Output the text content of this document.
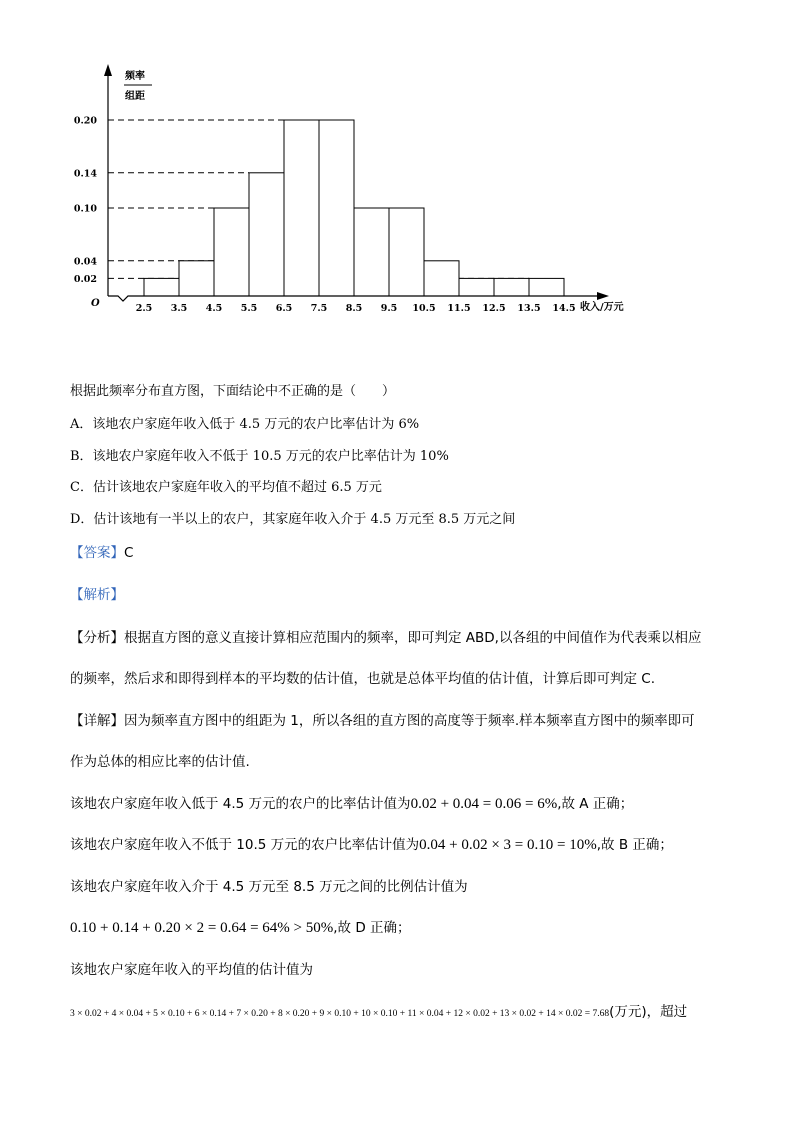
频率
组距
O	收入/万元
0.02
0.04
0.10
0.14
0.20
2.5 3.5 4.5 5.5 6.5 7.5 8.5 9.5 10.5 11.5 12.5 13.5 14.5
根据此频率分布直方图，下面结论中不正确的是（　　）
A．该地农户家庭年收入低于 4.5 万元的农户比率估计为 6%
B．该地农户家庭年收入不低于 10.5 万元的农户比率估计为 10%
C．估计该地农户家庭年收入的平均值不超过 6.5 万元
D．估计该地有一半以上的农户，其家庭年收入介于 4.5 万元至 8.5 万元之间
【答案】C
【解析】
【分析】根据直方图的意义直接计算相应范围内的频率，即可判定 ABD,以各组的中间值作为代表乘以相应
的频率，然后求和即得到样本的平均数的估计值，也就是总体平均值的估计值，计算后即可判定 C.
【详解】因为频率直方图中的组距为 1，所以各组的直方图的高度等于频率.样本频率直方图中的频率即可
作为总体的相应比率的估计值.
该地农户家庭年收入低于 4.5 万元的农户的比率估计值为0.02 + 0.04 = 0.06 = 6%,故 A 正确；
该地农户家庭年收入不低于 10.5 万元的农户比率估计值为0.04 + 0.02 × 3 = 0.10 = 10%,故 B 正确；
该地农户家庭年收入介于 4.5 万元至 8.5 万元之间的比例估计值为
0.10 + 0.14 + 0.20 × 2 = 0.64 = 64% > 50%,故 D 正确；
该地农户家庭年收入的平均值的估计值为
3 × 0.02 + 4 × 0.04 + 5 × 0.10 + 6 × 0.14 + 7 × 0.20 + 8 × 0.20 + 9 × 0.10 + 10 × 0.10 + 11 × 0.04 + 12 × 0.02 + 13 × 0.02 + 14 × 0.02 = 7.68(万元)，超过
